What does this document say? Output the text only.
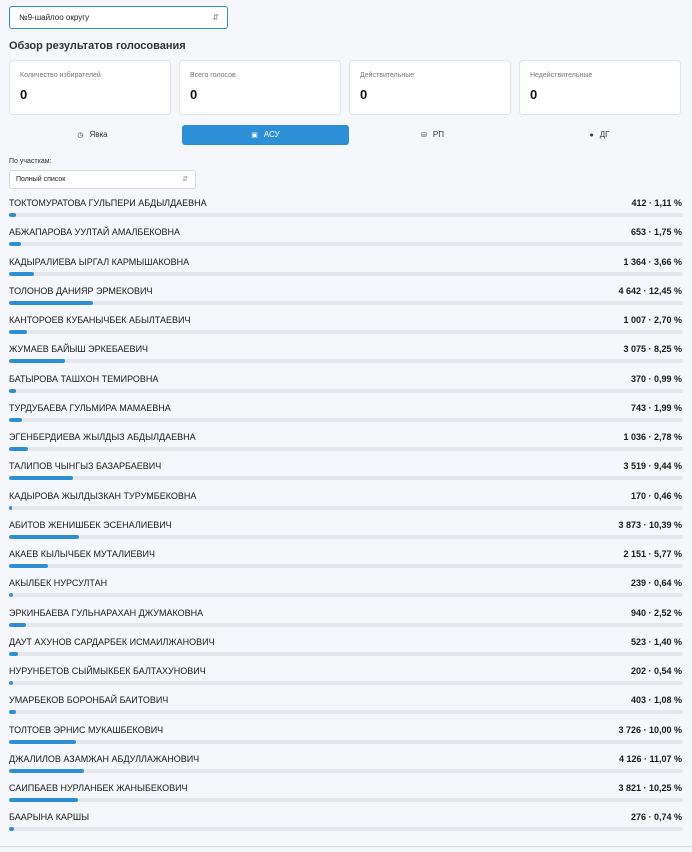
№9-шайлоо округу	⇵
Обзор результатов голосования
Количество избирателей
0
Всего голосов
0
Действительные
0
Недействительные
0
◷ Явка	▣ АСУ	⛁ РП	● ДГ
По участкам:
Полный список	⇵
ТОКТОМУРАТОВА ГУЛЬПЕРИ АБДЫЛДАЕВНА	412 · 1,11 %
АБЖАПАРОВА УУЛТАЙ АМАЛБЕКОВНА	653 · 1,75 %
КАДЫРАЛИЕВА ЫРГАЛ КАРМЫШАКОВНА	1 364 · 3,66 %
ТОЛОНОВ ДАНИЯР ЭРМЕКОВИЧ	4 642 · 12,45 %
КАНТОРОЕВ КУБАНЫЧБЕК АБЫЛТАЕВИЧ	1 007 · 2,70 %
ЖУМАЕВ БАЙЫШ ЭРКЕБАЕВИЧ	3 075 · 8,25 %
БАТЫРОВА ТАШХОН ТЕМИРОВНА	370 · 0,99 %
ТУРДУБАЕВА ГУЛЬМИРА МАМАЕВНА	743 · 1,99 %
ЭГЕНБЕРДИЕВА ЖЫЛДЫЗ АБДЫЛДАЕВНА	1 036 · 2,78 %
ТАЛИПОВ ЧЫНГЫЗ БАЗАРБАЕВИЧ	3 519 · 9,44 %
КАДЫРОВА ЖЫЛДЫЗКАН ТУРУМБЕКОВНА	170 · 0,46 %
АБИТОВ ЖЕНИШБЕК ЭСЕНАЛИЕВИЧ	3 873 · 10,39 %
АКАЕВ КЫЛЫЧБЕК МУТАЛИЕВИЧ	2 151 · 5,77 %
АКЫЛБЕК НУРСУЛТАН	239 · 0,64 %
ЭРКИНБАЕВА ГУЛЬНАРАХАН ДЖУМАКОВНА	940 · 2,52 %
ДАУТ АХУНОВ САРДАРБЕК ИСМАИЛЖАНОВИЧ	523 · 1,40 %
НУРУНБЕТОВ СЫЙМЫКБЕК БАЛТАХУНОВИЧ	202 · 0,54 %
УМАРБЕКОВ БОРОНБАЙ БАИТОВИЧ	403 · 1,08 %
ТОЛТОЕВ ЭРНИС МУКАШБЕКОВИЧ	3 726 · 10,00 %
ДЖАЛИЛОВ АЗАМЖАН АБДУЛЛАЖАНОВИЧ	4 126 · 11,07 %
САИПБАЕВ НУРЛАНБЕК ЖАНЫБЕКОВИЧ	3 821 · 10,25 %
БААРЫНА КАРШЫ	276 · 0,74 %
